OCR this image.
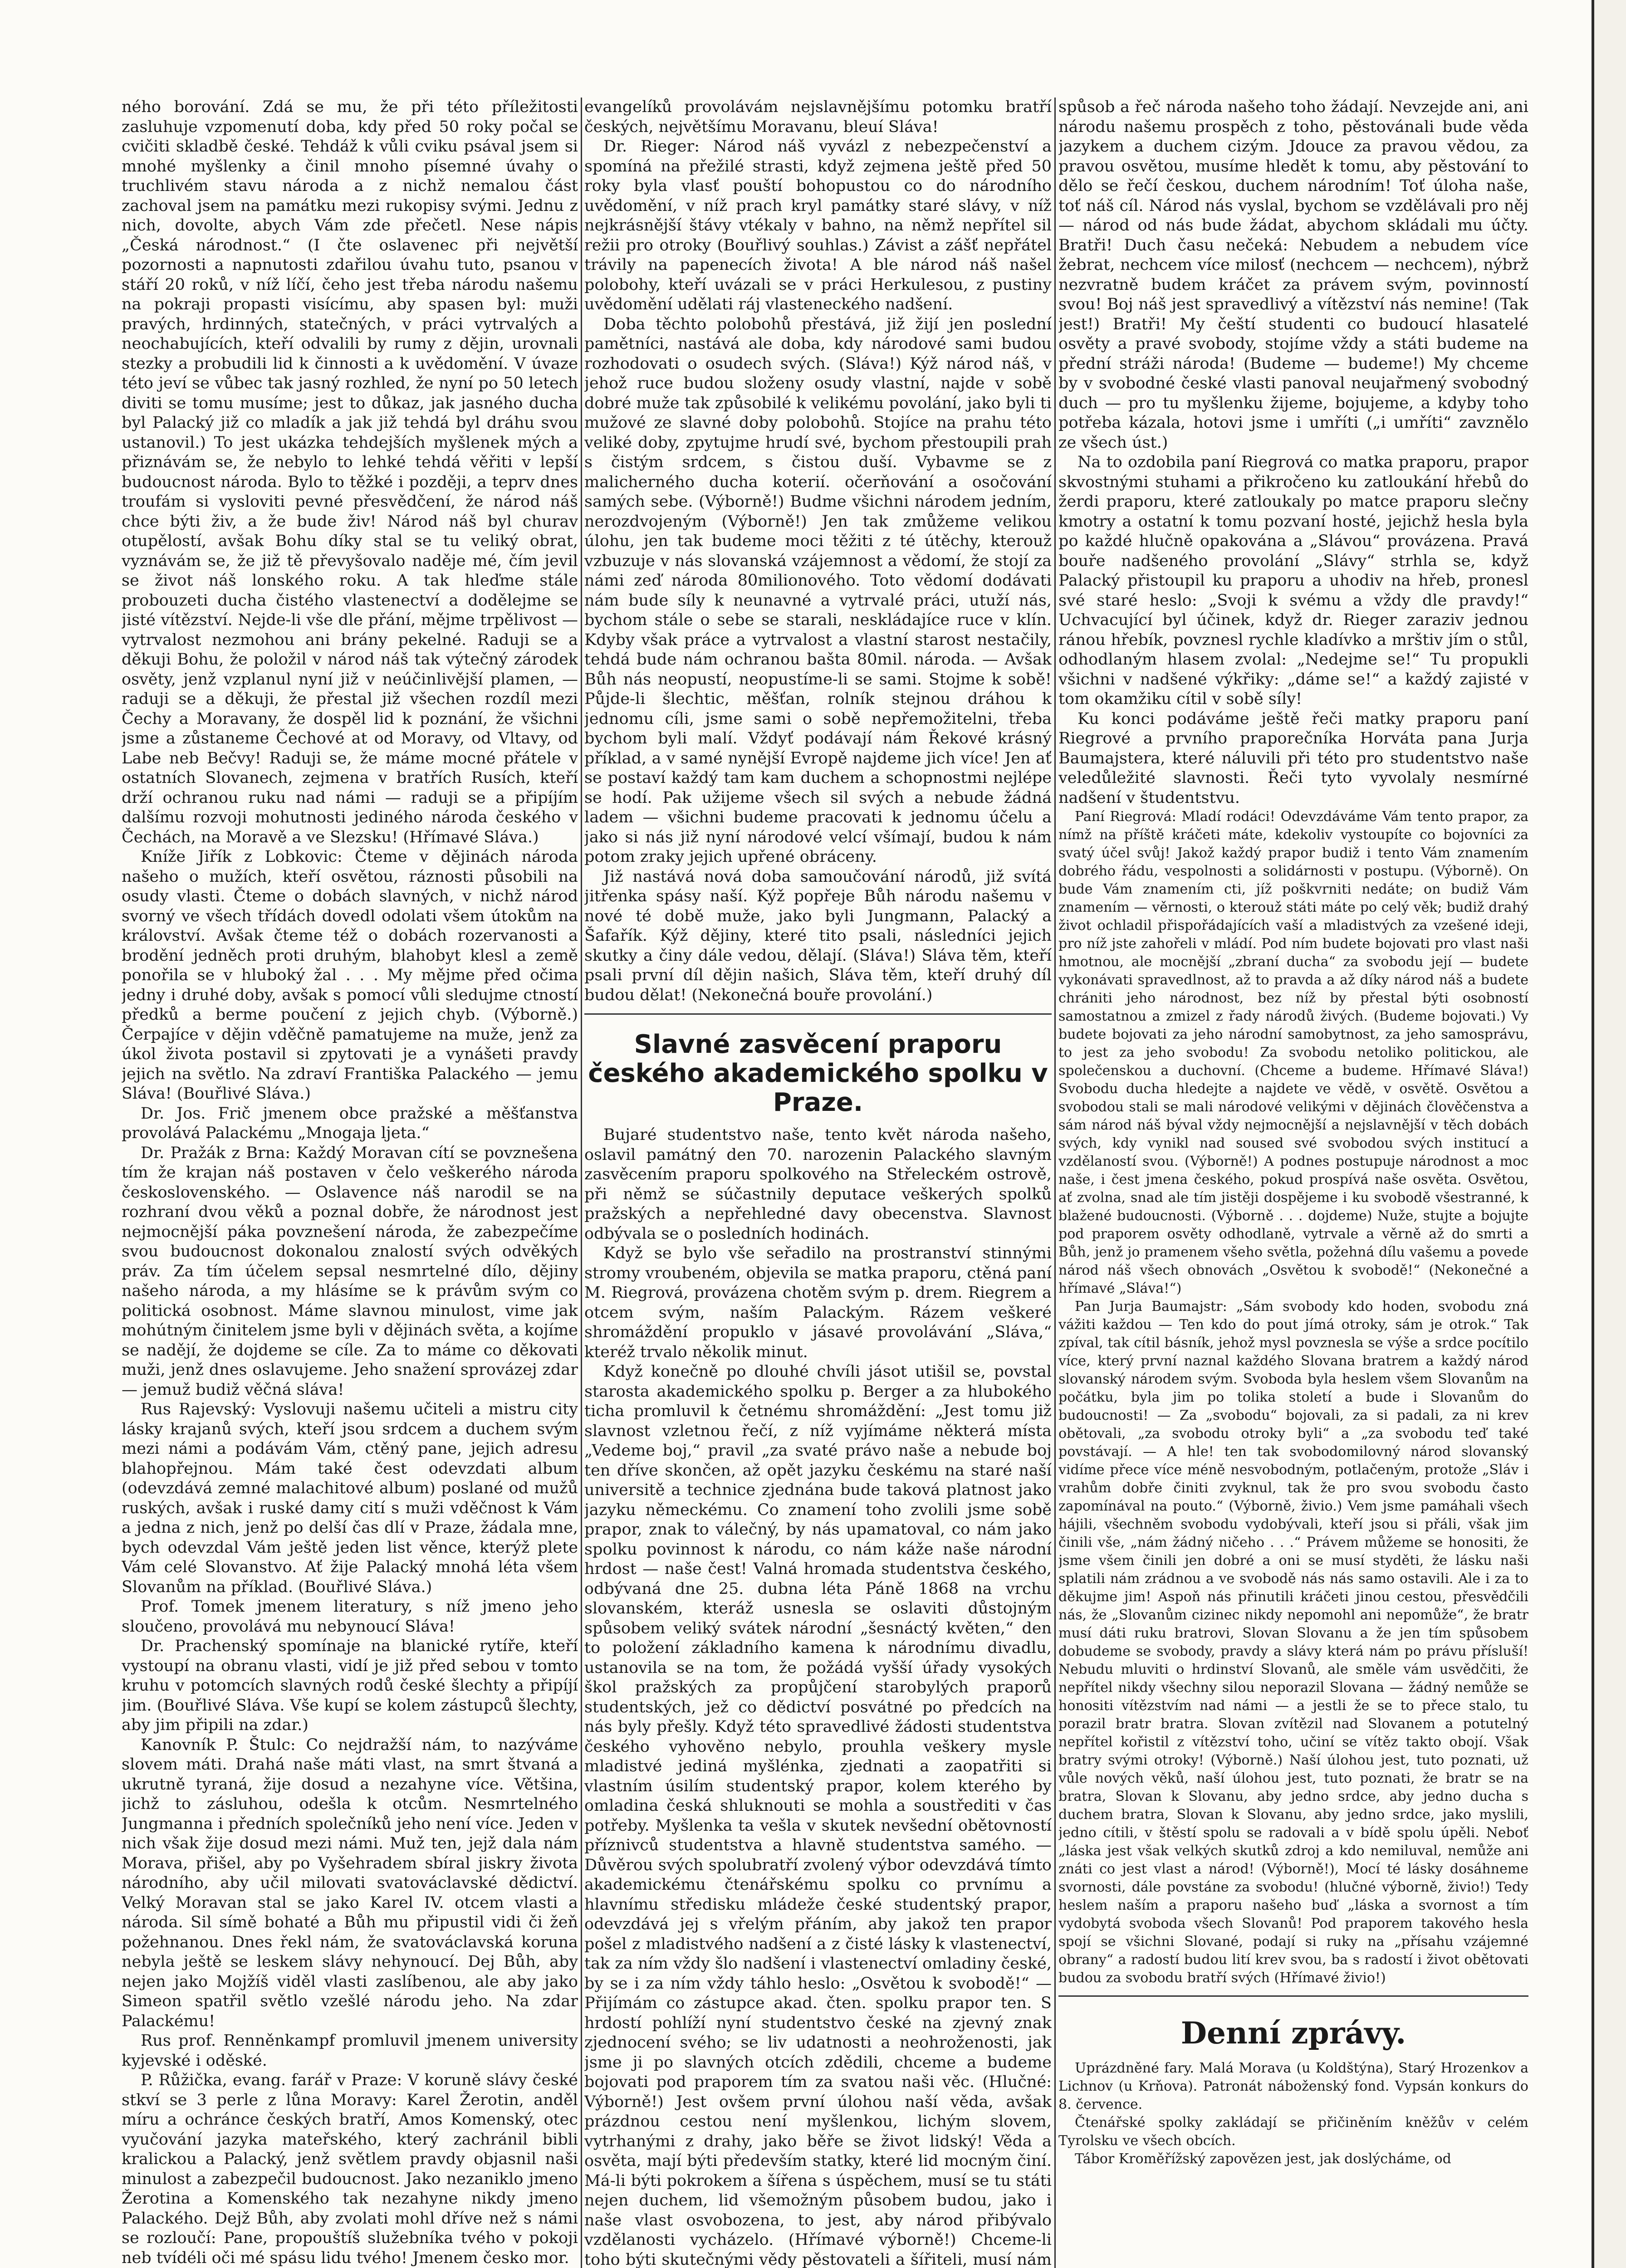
ného borování. Zdá se mu, že při této příležitosti zasluhuje vzpomenutí doba, kdy před 50 roky počal se cvičiti skladbě české. Tehdáž k vůli cviku psával jsem si mnohé myšlenky a činil mnoho písemné úvahy o truchlivém stavu národa a z nichž nemalou část zachoval jsem na památku mezi rukopisy svými. Jednu z nich, dovolte, abych Vám zde přečetl. Nese nápis „Česká národnost.“ (I čte oslavenec při největší pozornosti a napnutosti zdařilou úvahu tuto, psanou v stáří 20 roků, v níž líčí, čeho jest třeba národu našemu na pokraji propasti visícímu, aby spasen byl: muži pravých, hrdinných, statečných, v práci vytrvalých a neochabujících, kteří odvalili by rumy z dějin, urovnali stezky a probudili lid k činnosti a k uvědomění. V úvaze této jeví se vůbec tak jasný rozhled, že nyní po 50 letech diviti se tomu musíme; jest to důkaz, jak jasného ducha byl Palacký již co mladík a jak již tehdá byl dráhu svou ustanovil.) To jest ukázka tehdejších myšlenek mých a přiznávám se, že nebylo to lehké tehdá věřiti v lepší budoucnost národa. Bylo to těžké i později, a teprv dnes troufám si vysloviti pevné přesvědčení, že národ náš chce býti živ, a že bude živ! Národ náš byl churav otupělostí, avšak Bohu díky stal se tu veliký obrat, vyznávám se, že již tě převyšovalo naděje mé, čím jevil se život náš lonského roku. A tak hleďme stále probouzeti ducha čistého vlastenectví a dodělejme se jisté vítězství. Nejde-li vše dle přání, mějme trpělivost — vytrvalost nezmohou ani brány pekelné. Raduji se a děkuji Bohu, že položil v národ náš tak výtečný zárodek osvěty, jenž vzplanul nyní již v neúčinlivější plamen, — raduji se a děkuji, že přestal již všechen rozdíl mezi Čechy a Moravany, že dospěl lid k poznání, že všichni jsme a zůstaneme Čechové at od Moravy, od Vltavy, od Labe neb Bečvy! Raduji se, že máme mocné přátele v ostatních Slovanech, zejmena v bratřích Rusích, kteří drží ochranou ruku nad námi — raduji se a připíjím dalšímu rozvoji mohutnosti jediného národa českého v Čechách, na Moravě a ve Slezsku! (Hřímavé Sláva.)

Kníže Jiřík z Lobkovic: Čteme v dějinách národa našeho o mužích, kteří osvětou, ráznosti působili na osudy vlasti. Čteme o dobách slavných, v nichž národ svorný ve všech třídách dovedl odolati všem útokům na království. Avšak čteme též o dobách rozervanosti a brodění jedněch proti druhým, blahobyt klesl a země ponořila se v hluboký žal . . . My mějme před očima jedny i druhé doby, avšak s pomocí vůli sledujme ctností předků a berme poučení z jejich chyb. (Výborně.) Čerpajíce v dějin vděčně pamatujeme na muže, jenž za úkol života postavil si zpytovati je a vynášeti pravdy jejich na světlo. Na zdraví Františka Palackého — jemu Sláva! (Bouřlivé Sláva.)

Dr. Jos. Frič jmenem obce pražské a měšťanstva provolává Palackému „Mnogaja ljeta.“

Dr. Pražák z Brna: Každý Moravan cítí se povznešena tím že krajan náš postaven v čelo veškerého národa československého. — Oslavence náš narodil se na rozhraní dvou věků a poznal dobře, že národnost jest nejmocnější páka povznešení národa, že zabezpečíme svou budoucnost dokonalou znalostí svých odvěkých práv. Za tím účelem sepsal nesmrtelné dílo, dějiny našeho národa, a my hlásíme se k právům svým co politická osobnost. Máme slavnou minulost, vime jak mohútným činitelem jsme byli v dějinách světa, a kojíme se nadějí, že dojdeme se cíle. Za to máme co děkovati muži, jenž dnes oslavujeme. Jeho snažení sprovázej zdar — jemuž budiž věčná sláva!

Rus Rajevský: Vyslovuji našemu učiteli a mistru city lásky krajanů svých, kteří jsou srdcem a duchem svým mezi námi a podávám Vám, ctěný pane, jejich adresu blahopřejnou. Mám také čest odevzdati album (odevzdává zemné malachitové album) poslané od mužů ruských, avšak i ruské damy cití s muži vděčnost k Vám a jedna z nich, jenž po delší čas dlí v Praze, žádala mne, bych odevzdal Vám ještě jeden list věnce, kterýž plete Vám celé Slovanstvo. Ať žije Palacký mnohá léta všem Slovanům na příklad. (Bouřlivé Sláva.)

Prof. Tomek jmenem literatury, s níž jmeno jeho sloučeno, provolává mu nebynoucí Sláva!

Dr. Prachenský spomínaje na blanické rytíře, kteří vystoupí na obranu vlasti, vidí je již před sebou v tomto kruhu v potomcích slavných rodů české šlechty a připíjí jim. (Bouřlivé Sláva. Vše kupí se kolem zástupců šlechty, aby jim připili na zdar.)

Kanovník P. Štulc: Co nejdražší nám, to nazýváme slovem máti. Drahá naše máti vlast, na smrt štvaná a ukrutně tyraná, žije dosud a nezahyne více. Většina, jichž to zásluhou, odešla k otcům. Nesmrtelného Jungmanna i předních společníků jeho není více. Jeden v nich však žije dosud mezi námi. Muž ten, jejž dala nám Morava, přišel, aby po Vyšehradem sbíral jiskry života národního, aby učil milovati svatováclavské dědictví. Velký Moravan stal se jako Karel IV. otcem vlasti a národa. Sil símě bohaté a Bůh mu připustil vidi či žeň požehnanou. Dnes řekl nám, že svatováclavská koruna nebyla ještě se leskem slávy nehynoucí. Dej Bůh, aby nejen jako Mojžíš viděl vlasti zaslíbenou, ale aby jako Simeon spatřil světlo vzešlé národu jeho. Na zdar Palackému!

Rus prof. Renněnkampf promluvil jmenem university kyjevské i oděské.

P. Růžička, evang. farář v Praze: V koruně slávy české stkví se 3 perle z lůna Moravy: Karel Žerotin, anděl míru a ochránce českých bratří, Amos Komenský, otec vyučování jazyka mateřského, který zachránil bibli kralickou a Palacký, jenž světlem pravdy objasnil naši minulost a zabezpečil budoucnost. Jako nezaniklo jmeno Žerotina a Komenského tak nezahyne nikdy jmeno Palackého. Dejž Bůh, aby zvolati mohl dříve než s námi se rozloučí: Pane, propouštíš služebníka tvého v pokoji neb tvídéli oči mé spásu lidu tvého! Jmenem česko mor.

evangelíků provolávám nejslavnějšímu potomku bratří českých, největšímu Moravanu, bleuí Sláva!

Dr. Rieger: Národ náš vyvázl z nebezpečenství a spomíná na přežilé strasti, když zejmena ještě před 50 roky byla vlasť pouští bohopustou co do národního uvědomění, v níž prach kryl památky staré slávy, v níž nejkrásnější štávy vtékaly v bahno, na němž nepřítel sil režii pro otroky (Bouřlivý souhlas.) Závist a zášť nepřátel trávily na papenecích života! A ble národ náš našel polobohy, kteří uvázali se v práci Herkulesou, z pustiny uvědomění udělati ráj vlasteneckého nadšení.

Doba těchto polobohů přestává, již žijí jen poslední pamětníci, nastává ale doba, kdy národové sami budou rozhodovati o osudech svých. (Sláva!) Kýž národ náš, v jehož ruce budou složeny osudy vlastní, najde v sobě dobré muže tak způsobilé k velikému povolání, jako byli ti mužové ze slavné doby polobohů. Stojíce na prahu této veliké doby, zpytujme hrudí své, bychom přestoupili prah s čistým srdcem, s čistou duší. Vybavme se z malicherného ducha koterií. očerňování a osočování samých sebe. (Výborně!) Budme všichni národem jedním, nerozdvojeným (Výborně!) Jen tak zmůžeme velikou úlohu, jen tak budeme moci těžiti z té útěchy, kterouž vzbuzuje v nás slovanská vzájemnost a vědomí, že stojí za námi zeď národa 80milionového. Toto vědomí dodávati nám bude síly k neunavné a vytrvalé práci, utuží nás, bychom stále o sebe se starali, neskládajíce ruce v klín. Kdyby však práce a vytrvalost a vlastní starost nestačily, tehdá bude nám ochranou bašta 80mil. národa. — Avšak Bůh nás neopustí, neopustíme-li se sami. Stojme k sobě! Půjde-li šlechtic, měšťan, rolník stejnou dráhou k jednomu cíli, jsme sami o sobě nepřemožitelni, třeba bychom byli malí. Vždyť podávají nám Řekové krásný příklad, a v samé nynější Evropě najdeme jich více! Jen ať se postaví každý tam kam duchem a schopnostmi nejlépe se hodí. Pak užijeme všech sil svých a nebude žádná ladem — všichni budeme pracovati k jednomu účelu a jako si nás již nyní národové velcí všímají, budou k nám potom zraky jejich upřené obráceny.

Již nastává nová doba samoučování národů, již svítá jitřenka spásy naší. Kýž popřeje Bůh národu našemu v nové té době muže, jako byli Jungmann, Palacký a Šafařík. Kýž dějiny, které tito psali, následníci jejich skutky a činy dále vedou, dělají. (Sláva!) Sláva těm, kteří psali první díl dějin našich, Sláva těm, kteří druhý díl budou dělat! (Nekonečná bouře provolání.)

Slavné zasvěcení praporu českého akademického spolku v Praze.

Bujaré studentstvo naše, tento květ národa našeho, oslavil památný den 70. narozenin Palackého slavným zasvěcením praporu spolkového na Střeleckém ostrově, při němž se súčastnily deputace veškerých spolků pražských a nepřehledné davy obecenstva. Slavnost odbývala se o posledních hodinách.

Když se bylo vše seřadilo na prostranství stinnými stromy vroubeném, objevila se matka praporu, ctěná paní M. Riegrová, provázena chotěm svým p. drem. Riegrem a otcem svým, naším Palackým. Rázem veškeré shromáždění propuklo v jásavé provolávání „Sláva,“ kteréž trvalo několik minut.

Když konečně po dlouhé chvíli jásot utišil se, povstal starosta akademického spolku p. Berger a za hlubokého ticha promluvil k četnému shromáždění: „Jest tomu již slavnost vzletnou řečí, z níž vyjímáme některá místa „Vedeme boj,“ pravil „za svaté právo naše a nebude boj ten dříve skončen, až opět jazyku českému na staré naší universitě a technice zjednána bude taková platnost jako jazyku německému. Co znamení toho zvolili jsme sobě prapor, znak to válečný, by nás upamatoval, co nám jako spolku povinnost k národu, co nám káže naše národní hrdost — naše čest! Valná hromada studentstva českého, odbývaná dne 25. dubna léta Páně 1868 na vrchu slovanském, kteráž usnesla se oslaviti důstojným spůsobem veliký svátek národní „šesnáctý květen,“ den to položení základního kamena k národnímu divadlu, ustanovila se na tom, že požádá vyšší úřady vysokých škol pražských za propůjčení starobylých praporů studentských, jež co dědictví posvátné po předcích na nás byly přešly. Když této spravedlivé žádosti studentstva českého vyhověno nebylo, prouhla veškery mysle mladistvé jediná myšlénka, zjednati a zaopatřiti si vlastním úsilím studentský prapor, kolem kterého by omladina česká shluknouti se mohla a soustřediti v čas potřeby. Myšlenka ta vešla v skutek nevšední obětovností příznivců studentstva a hlavně studentstva samého. — Důvěrou svých spolubratří zvolený výbor odevzdává tímto akademickému čtenářskému spolku co prvnímu a hlavnímu středisku mládeže české studentský prapor, odevzdává jej s vřelým přáním, aby jakož ten prapor pošel z mladistvého nadšení a z čisté lásky k vlastenectví, tak za ním vždy šlo nadšení i vlastenectví omladiny české, by se i za ním vždy táhlo heslo: „Osvětou k svobodě!“ — Přijímám co zástupce akad. čten. spolku prapor ten. S hrdostí pohlíží nyní studentstvo české na zjevný znak zjednocení svého; se liv udatnosti a neohroženosti, jak jsme ji po slavných otcích zdědili, chceme a budeme bojovati pod praporem tím za svatou naši věc. (Hlučné: Výborně!) Jest ovšem první úlohou naší věda, avšak prázdnou cestou není myšlenkou, lichým slovem, vytrhanými z drahy, jako běře se život lidský! Věda a osvěta, mají býti především statky, které lid mocným činí. Má-li býti pokrokem a šířena s úspěchem, musí se tu státi nejen duchem, lid všemožným působem budou, jako i naše vlast osvobozena, to jest, aby národ přibývalo vzdělanosti vycházelo. (Hřímavé výborně!) Chceme-li toho býti skutečnými vědy pěstovateli a šířiteli, musí nám

spůsob a řeč národa našeho toho žádají. Nevzejde ani, ani národu našemu prospěch z toho, pěstovánali bude věda jazykem a duchem cizým. Jdouce za pravou vědou, za pravou osvětou, musíme hledět k tomu, aby pěstování to dělo se řečí českou, duchem národním! Toť úloha naše, toť náš cíl. Národ nás vyslal, bychom se vzdělávali pro něj — národ od nás bude žádat, abychom skládali mu účty. Bratři! Duch času nečeká: Nebudem a nebudem více žebrat, nechcem více milosť (nechcem — nechcem), nýbrž nezvratně budem kráčet za právem svým, povinností svou! Boj náš jest spravedlivý a vítězství nás nemine! (Tak jest!) Bratři! My čeští studenti co budoucí hlasatelé osvěty a pravé svobody, stojíme vždy a státi budeme na přední stráži národa! (Budeme — budeme!) My chceme by v svobodné české vlasti panoval neujařmený svobodný duch — pro tu myšlenku žijeme, bojujeme, a kdyby toho potřeba kázala, hotovi jsme i umříti („i umříti“ zavznělo ze všech úst.)

Na to ozdobila paní Riegrová co matka praporu, prapor skvostnými stuhami a přikročeno ku zatloukání hřebů do žerdi praporu, které zatloukaly po matce praporu slečny kmotry a ostatní k tomu pozvaní hosté, jejichž hesla byla po každé hlučně opakována a „Slávou“ provázena. Pravá bouře nadšeného provolání „Slávy“ strhla se, když Palacký přistoupil ku praporu a uhodiv na hřeb, pronesl své staré heslo: „Svoji k svému a vždy dle pravdy!“ Uchvacující byl účinek, když dr. Rieger zaraziv jednou ránou hřebík, povznesl rychle kladívko a mrštiv jím o stůl, odhodlaným hlasem zvolal: „Nedejme se!“ Tu propukli všichni v nadšené výkřiky: „dáme se!“ a každý zajisté v tom okamžiku cítil v sobě síly!

Ku konci podáváme ještě řeči matky praporu paní Riegrové a prvního praporečníka Horváta pana Jurja Baumajstera, které náluvili při této pro studentstvo naše veledůležité slavnosti. Řeči tyto vyvolaly nesmírné nadšení v študentstvu.

Paní Riegrová: Mladí rodáci! Odevzdáváme Vám tento prapor, za nímž na příště kráčeti máte, kdekoliv vystoupíte co bojovníci za svatý účel svůj! Jakož každý prapor budiž i tento Vám znamením dobrého řádu, vespolnosti a solidárnosti v postupu. (Výborně). On bude Vám znamením cti, jíž poškvrniti nedáte; on budiž Vám znamením — věrnosti, o kterouž státi máte po celý věk; budiž drahý život ochladil přispořádajících vaší a mladistvých za vzešené ideji, pro níž jste zahořeli v mládí. Pod ním budete bojovati pro vlast naši hmotnou, ale mocnější „zbraní ducha“ za svobodu její — budete vykonávati spravedlnost, až to pravda a až díky národ náš a budete chrániti jeho národnost, bez níž by přestal býti osobností samostatnou a zmizel z řady národů živých. (Budeme bojovati.) Vy budete bojovati za jeho národní samobytnost, za jeho samosprávu, to jest za jeho svobodu! Za svobodu netoliko politickou, ale společenskou a duchovní. (Chceme a budeme. Hřímavé Sláva!) Svobodu ducha hledejte a najdete ve vědě, v osvětě. Osvětou a svobodou stali se mali národové velikými v dějinách člověčenstva a sám národ náš býval vždy nejmocnější a nejslavnější v těch dobách svých, kdy vynikl nad soused své svobodou svých institucí a vzdělaností svou. (Výborně!) A podnes postupuje národnost a moc naše, i čest jmena českého, pokud prospívá naše osvěta. Osvětou, ať zvolna, snad ale tím jistěji dospějeme i ku svobodě všestranné, k blažené budoucnosti. (Výborně . . . dojdeme) Nuže, stujte a bojujte pod praporem osvěty odhodlaně, vytrvale a věrně až do smrti a Bůh, jenž jo pramenem všeho světla, požehná dílu vašemu a povede národ náš všech obnovách „Osvětou k svobodě!“ (Nekonečné a hřímavé „Sláva!“)

Pan Jurja Baumajstr: „Sám svobody kdo hoden, svobodu zná vážiti každou — Ten kdo do pout jímá otroky, sám je otrok.“ Tak zpíval, tak cítil básník, jehož mysl povznesla se výše a srdce pocítilo více, který první naznal každého Slovana bratrem a každý národ slovanský národem svým. Svoboda byla heslem všem Slovanům na počátku, byla jim po tolika století a bude i Slovanům do budoucnosti! — Za „svobodu“ bojovali, za si padali, za ni krev obětovali, „za svobodu otroky byli“ a „za svobodu teď také povstávají. — A hle! ten tak svobodomilovný národ slovanský vidíme přece více méně nesvobodným, potlačeným, protože „Sláv i vrahům dobře činiti zvyknul, tak že pro svou svobodu často zapomínával na pouto.“ (Výborně, živio.) Vem jsme pamáhali všech hájili, všechněm svobodu vydobývali, kteří jsou si přáli, však jim činili vše, „nám žádný ničeho . . .“ Právem můžeme se honositi, že jsme všem činili jen dobré a oni se musí styděti, že lásku naši splatili nám zrádnou a ve svobodě nás nás samo ostavili. Ale i za to děkujme jim! Aspoň nás přinutili kráčeti jinou cestou, přesvědčili nás, že „Slovanům cizinec nikdy nepomohl ani nepomůže“, že bratr musí dáti ruku bratrovi, Slovan Slovanu a že jen tím spůsobem dobudeme se svobody, pravdy a slávy která nám po právu přísluší! Nebudu mluviti o hrdinství Slovanů, ale směle vám usvědčiti, že nepřítel nikdy všechny silou neporazil Slovana — žádný nemůže se honositi vítězstvím nad námi — a jestli že se to přece stalo, tu porazil bratr bratra. Slovan zvítězil nad Slovanem a potutelný nepřítel kořistil z vítězství toho, učiní se vítěz takto obojí. Však bratry svými otroky! (Výborně.) Naší úlohou jest, tuto poznati, už vůle nových věků, naší úlohou jest, tuto poznati, že bratr se na bratra, Slovan k Slovanu, aby jedno srdce, aby jedno ducha s duchem bratra, Slovan k Slovanu, aby jedno srdce, jako myslili, jedno cítili, v štěstí spolu se radovali a v bídě spolu úpěli. Neboť „láska jest však velkých skutků zdroj a kdo nemiluval, nemůže ani znáti co jest vlast a národ! (Výborně!), Mocí té lásky dosáhneme svornosti, dále povstáne za svobodu! (hlučné výborně, živio!) Tedy heslem naším a praporu našeho buď „láska a svornost a tím vydobytá svoboda všech Slovanů! Pod praporem takového hesla spojí se všichni Slované, podají si ruky na „přísahu vzájemné obrany“ a radostí budou lití krev svou, ba s radostí i život obětovati budou za svobodu bratří svých (Hřímavé živio!)

Denní zprávy.

Uprázdněné fary. Malá Morava (u Koldštýna), Starý Hrozenkov a Lichnov (u Krňova). Patronát náboženský fond. Vypsán konkurs do 8. července.

Čtenářské spolky zakládají se přičiněním kněžův v celém Tyrolsku ve všech obcích.

Tábor Kroměřížský zapovězen jest, jak doslýcháme, od
